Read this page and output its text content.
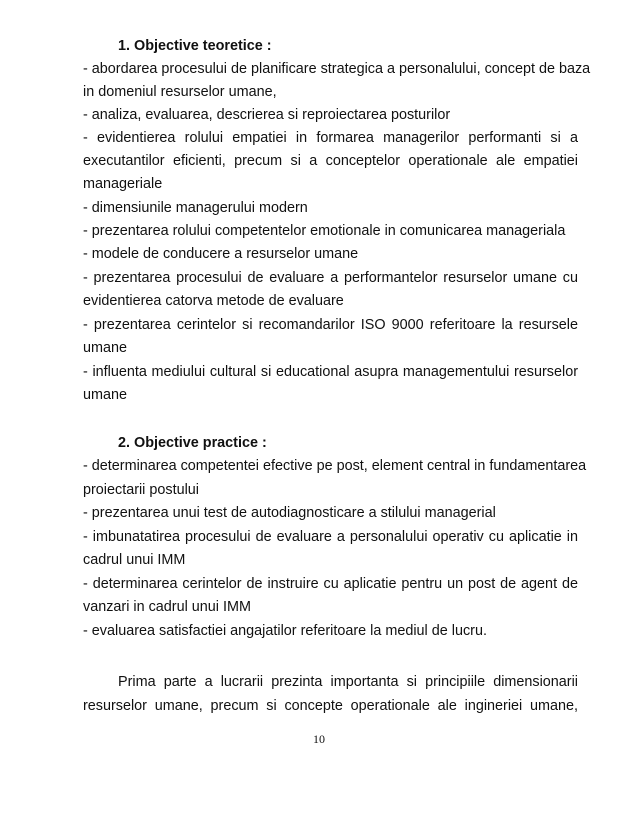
1. Objective teoretice :
- abordarea procesului de planificare strategica a personalului, concept de baza
in domeniul resurselor umane,
- analiza, evaluarea, descrierea si reproiectarea posturilor
- evidentierea rolului empatiei in formarea managerilor performanti si a
executantilor eficienti, precum si a conceptelor operationale ale empatiei
manageriale
- dimensiunile managerului modern
- prezentarea rolului competentelor emotionale in comunicarea manageriala
- modele de conducere a resurselor umane
- prezentarea procesului de evaluare a performantelor resurselor umane cu
evidentierea catorva metode de evaluare
- prezentarea cerintelor si recomandarilor ISO 9000 referitoare la resursele
umane
- influenta mediului cultural si educational asupra managementului resurselor
umane
2. Objective practice :
- determinarea competentei efective pe post, element central in fundamentarea
proiectarii postului
- prezentarea unui test de autodiagnosticare a stilului managerial
- imbunatatirea procesului de evaluare a personalului operativ cu aplicatie in
cadrul unui IMM
- determinarea cerintelor de instruire cu aplicatie pentru un post de agent de
vanzari in cadrul unui IMM
- evaluarea satisfactiei angajatilor referitoare la mediul de lucru.
Prima parte a lucrarii prezinta importanta si principiile dimensionarii
resurselor umane, precum si concepte operationale ale ingineriei umane,
10
